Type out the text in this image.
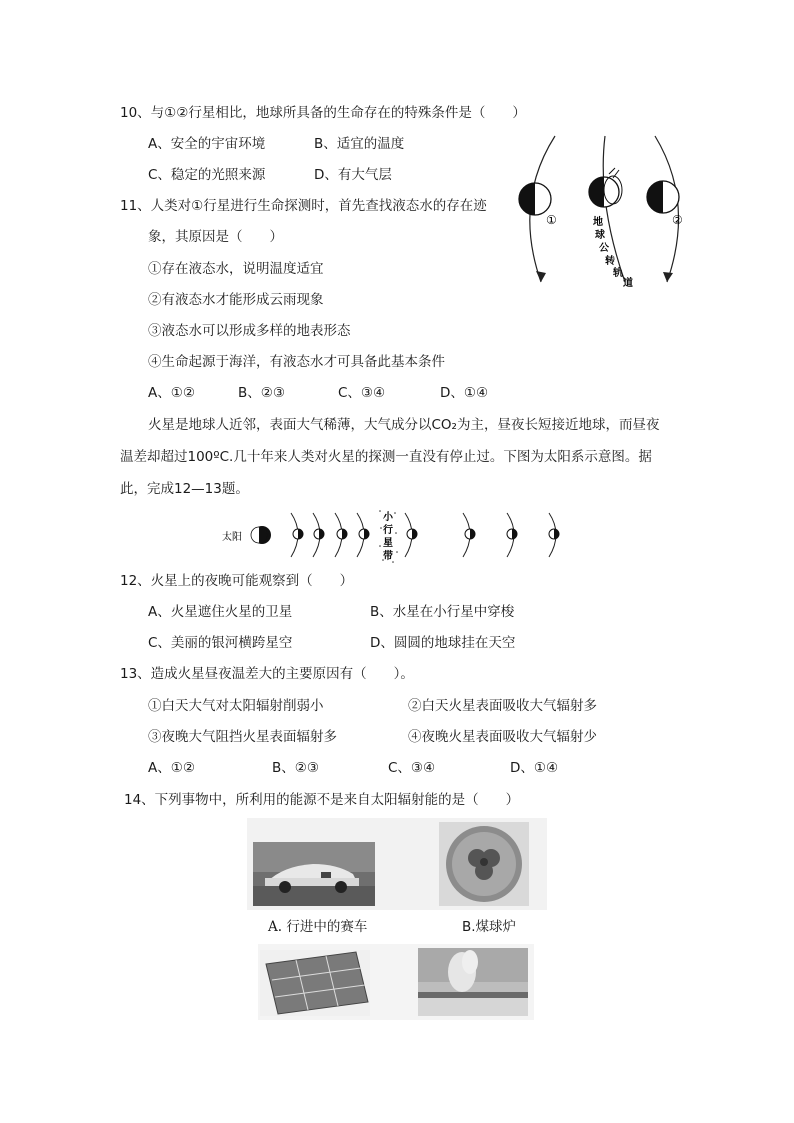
10、与①②行星相比，地球所具备的生命存在的特殊条件是（　　）
A、安全的宇宙环境	B、适宜的温度
C、稳定的光照来源	D、有大气层
11、人类对①行星进行生命探测时，首先查找液态水的存在迹
象，其原因是（　　）
①存在液态水，说明温度适宜
②有液态水才能形成云雨现象
③液态水可以形成多样的地表形态
④生命起源于海洋，有液态水才可具备此基本条件
A、①②	B、②③	C、③④	D、①④
①	②
地
球
公
转
轨
道
火星是地球人近邻，表面大气稀薄，大气成分以CO₂为主，昼夜长短接近地球，而昼夜
温差却超过100ºC.几十年来人类对火星的探测一直没有停止过。下图为太阳系示意图。据
此，完成12—13题。
太阳
小
行
星
带
12、火星上的夜晚可能观察到（　　）
A、火星遮住火星的卫星	B、水星在小行星中穿梭
C、美丽的银河横跨星空	D、圆圆的地球挂在天空
13、造成火星昼夜温差大的主要原因有（　　）。
①白天大气对太阳辐射削弱小	②白天火星表面吸收大气辐射多
③夜晚大气阻挡火星表面辐射多	④夜晚火星表面吸收大气辐射少
A、①②	B、②③	C、③④	D、①④
14、下列事物中，所利用的能源不是来自太阳辐射能的是（　　）
A. 行进中的赛车	B.煤球炉
